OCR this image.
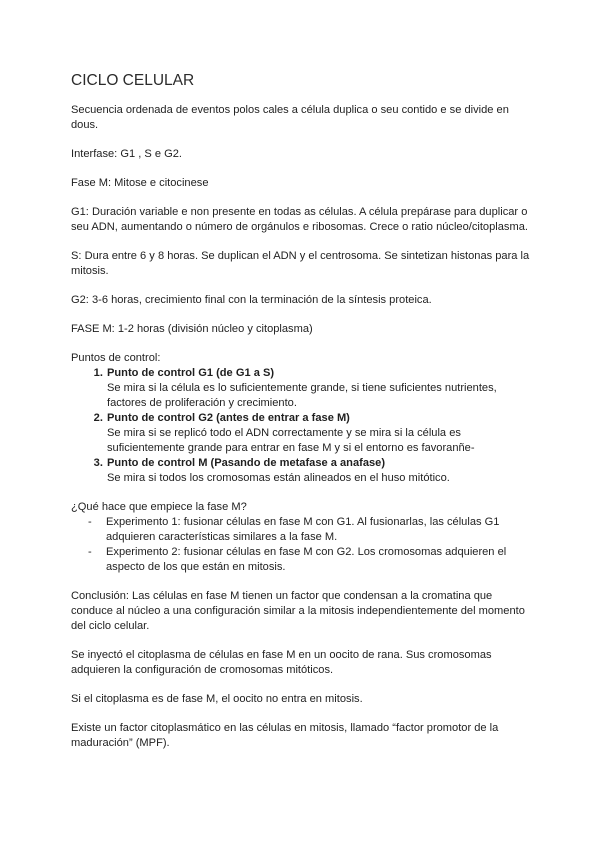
CICLO CELULAR

Secuencia ordenada de eventos polos cales a célula duplica o seu contido e se divide en dous.

Interfase: G1 , S e G2.

Fase M: Mitose e citocinese

G1: Duración variable e non presente en todas as células. A célula prepárase para duplicar o seu ADN, aumentando o número de orgánulos e ribosomas. Crece o ratio núcleo/citoplasma.

S: Dura entre 6 y 8 horas. Se duplican el ADN y el centrosoma. Se sintetizan histonas para la mitosis.

G2: 3-6 horas, crecimiento final con la terminación de la síntesis proteica.

FASE M: 1-2 horas (división núcleo y citoplasma)

Puntos de control:
1. Punto de control G1 (de G1 a S)
Se mira si la célula es lo suficientemente grande, si tiene suficientes nutrientes, factores de proliferación y crecimiento.
2. Punto de control G2 (antes de entrar a fase M)
Se mira si se replicó todo el ADN correctamente y se mira si la célula es suficientemente grande para entrar en fase M y si el entorno es favoranñe-
3. Punto de control M (Pasando de metafase a anafase)
Se mira si todos los cromosomas están alineados en el huso mitótico.
¿Qué hace que empiece la fase M?
- Experimento 1: fusionar células en fase M con G1. Al fusionarlas, las células G1 adquieren características similares a la fase M.
- Experimento 2: fusionar células en fase M con G2. Los cromosomas adquieren el aspecto de los que están en mitosis.

Conclusión: Las células en fase M tienen un factor que condensan a la cromatina que conduce al núcleo a una configuración similar a la mitosis independientemente del momento del ciclo celular.

Se inyectó el citoplasma de células en fase M en un oocito de rana. Sus cromosomas adquieren la configuración de cromosomas mitóticos.

Si el citoplasma es de fase M, el oocito no entra en mitosis.

Existe un factor citoplasmático en las células en mitosis, llamado “factor promotor de la maduración” (MPF).
